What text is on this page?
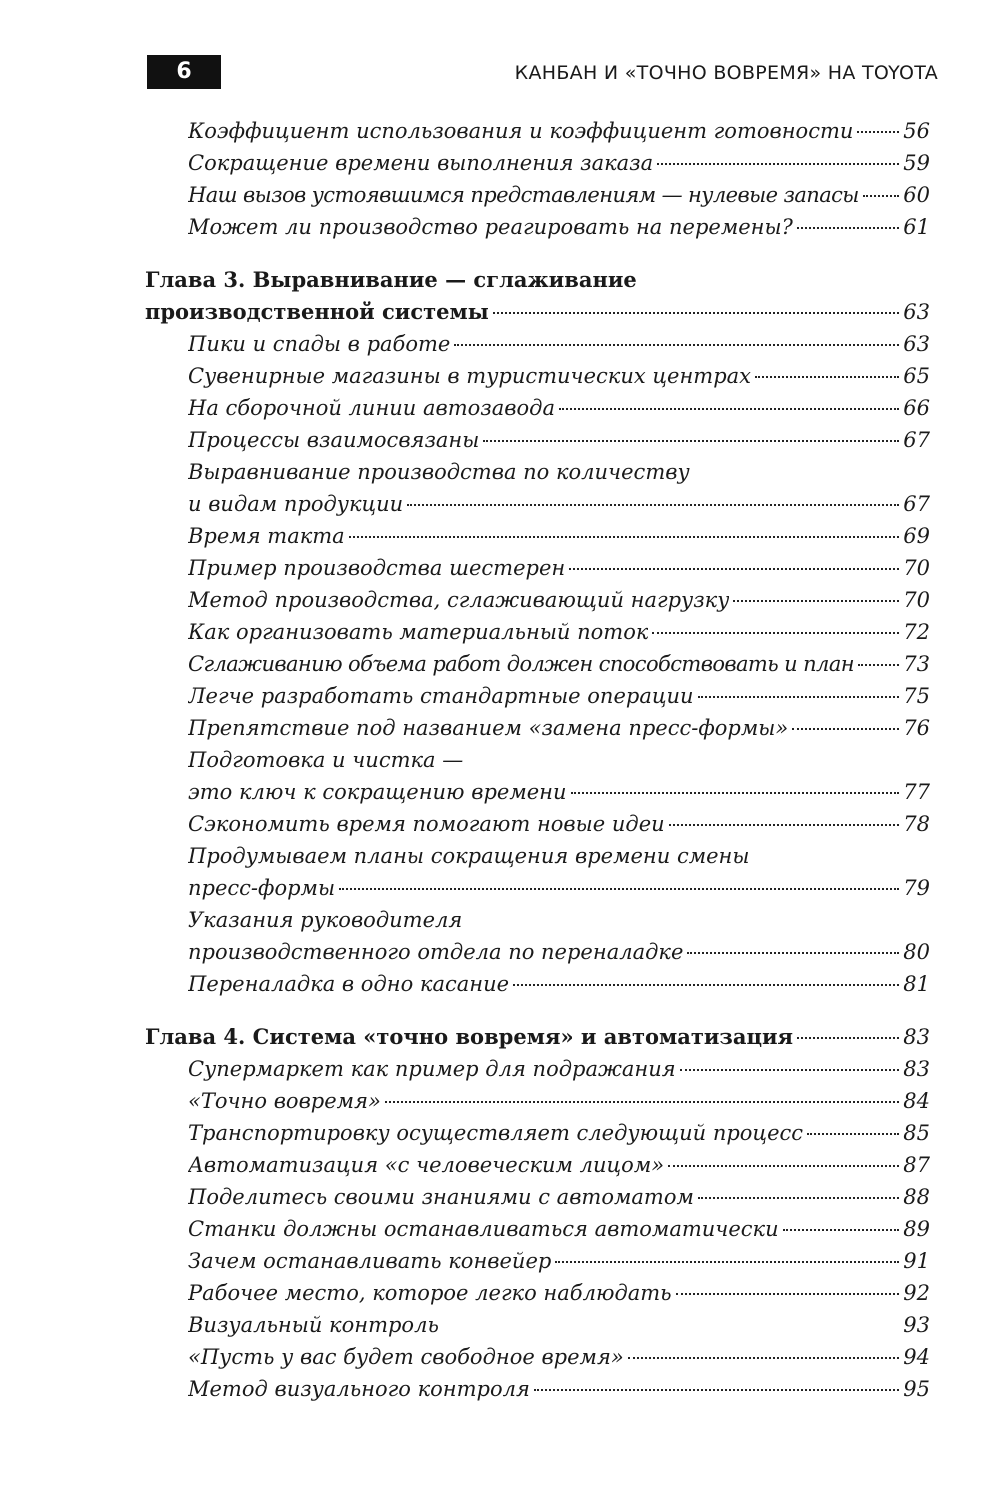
6	КАНБАН И «ТОЧНО ВОВРЕМЯ» НА TOYOTA
Коэффициент использования и коэффициент готовности 56
Сокращение времени выполнения заказа	59
Наш вызов устоявшимся представлениям — нулевые запасы 60
Может ли производство реагировать на перемены?	61
Глава 3. Выравнивание — сглаживание
производственной системы	63
Пики и спады в работе	63
Сувенирные магазины в туристических центрах	65
На сборочной линии автозавода	66
Процессы взаимосвязаны	67
Выравнивание производства по количеству
и видам продукции	67
Время такта	69
Пример производства шестерен	70
Метод производства, сглаживающий нагрузку	70
Как организовать материальный поток	72
Сглаживанию объема работ должен способствовать и план 73
Легче разработать стандартные операции	75
Препятствие под названием «замена пресс-формы»	76
Подготовка и чистка —
это ключ к сокращению времени	77
Сэкономить время помогают новые идеи	78
Продумываем планы сокращения времени смены
пресс-формы	79
Указания руководителя
производственного отдела по переналадке	80
Переналадка в одно касание	81
Глава 4. Система «точно вовремя» и автоматизация	83
Супермаркет как пример для подражания	83
«Точно вовремя»	84
Транспортировку осуществляет следующий процесс	85
Автоматизация «с человеческим лицом»	87
Поделитесь своими знаниями с автоматом	88
Станки должны останавливаться автоматически	89
Зачем останавливать конвейер	91
Рабочее место, которое легко наблюдать	92
Визуальный контроль	93
«Пусть у вас будет свободное время»	94
Метод визуального контроля	95
